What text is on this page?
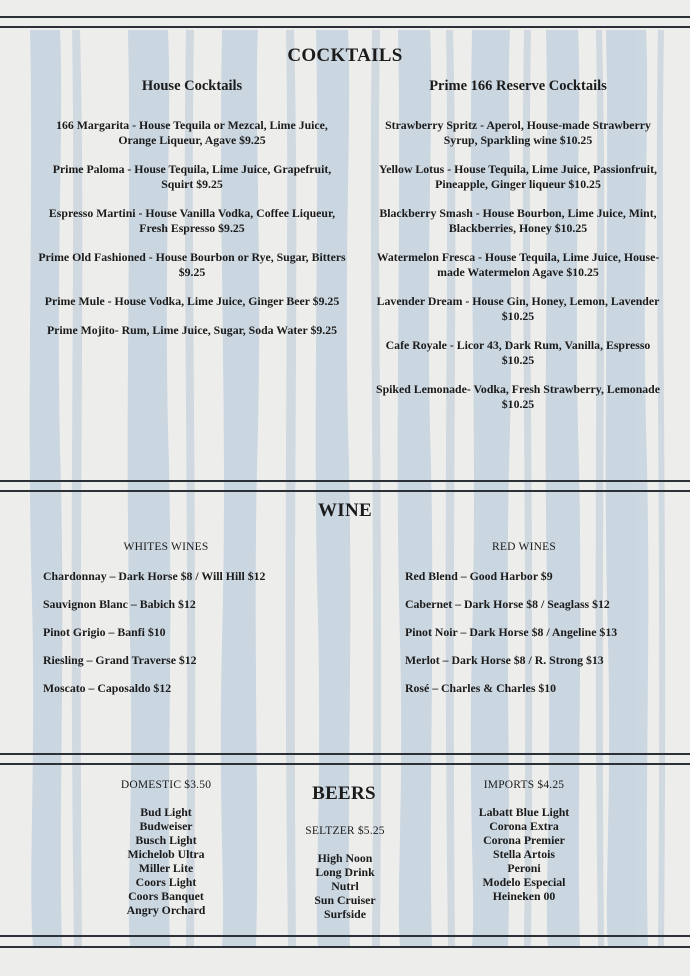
COCKTAILS
House Cocktails
166 Margarita - House Tequila or Mezcal, Lime Juice, Orange Liqueur, Agave $9.25
Prime Paloma - House Tequila, Lime Juice, Grapefruit, Squirt $9.25
Espresso Martini - House Vanilla Vodka, Coffee Liqueur, Fresh Espresso $9.25
Prime Old Fashioned - House Bourbon or Rye, Sugar, Bitters $9.25
Prime Mule - House Vodka, Lime Juice, Ginger Beer $9.25
Prime Mojito- Rum, Lime Juice, Sugar, Soda Water $9.25
Prime 166 Reserve Cocktails
Strawberry Spritz - Aperol, House-made Strawberry Syrup, Sparkling wine $10.25
Yellow Lotus - House Tequila, Lime Juice, Passionfruit, Pineapple, Ginger liqueur $10.25
Blackberry Smash - House Bourbon, Lime Juice, Mint, Blackberries, Honey $10.25
Watermelon Fresca - House Tequila, Lime Juice, House-made Watermelon Agave $10.25
Lavender Dream - House Gin, Honey, Lemon, Lavender $10.25
Cafe Royale - Licor 43, Dark Rum, Vanilla, Espresso $10.25
Spiked Lemonade- Vodka, Fresh Strawberry, Lemonade $10.25
WINE
WHITES WINES
Chardonnay – Dark Horse $8 / Will Hill $12
Sauvignon Blanc – Babich $12
Pinot Grigio – Banfi $10
Riesling – Grand Traverse $12
Moscato – Caposaldo $12
RED WINES
Red Blend – Good Harbor $9
Cabernet – Dark Horse $8 / Seaglass $12
Pinot Noir – Dark Horse $8 / Angeline $13
Merlot – Dark Horse $8 / R. Strong $13
Rosé – Charles & Charles $10
BEERS
DOMESTIC $3.50
Bud Light
Budweiser
Busch Light
Michelob Ultra
Miller Lite
Coors Light
Coors Banquet
Angry Orchard
SELTZER $5.25
High Noon
Long Drink
Nutrl
Sun Cruiser
Surfside
IMPORTS $4.25
Labatt Blue Light
Corona Extra
Corona Premier
Stella Artois
Peroni
Modelo Especial
Heineken 00
